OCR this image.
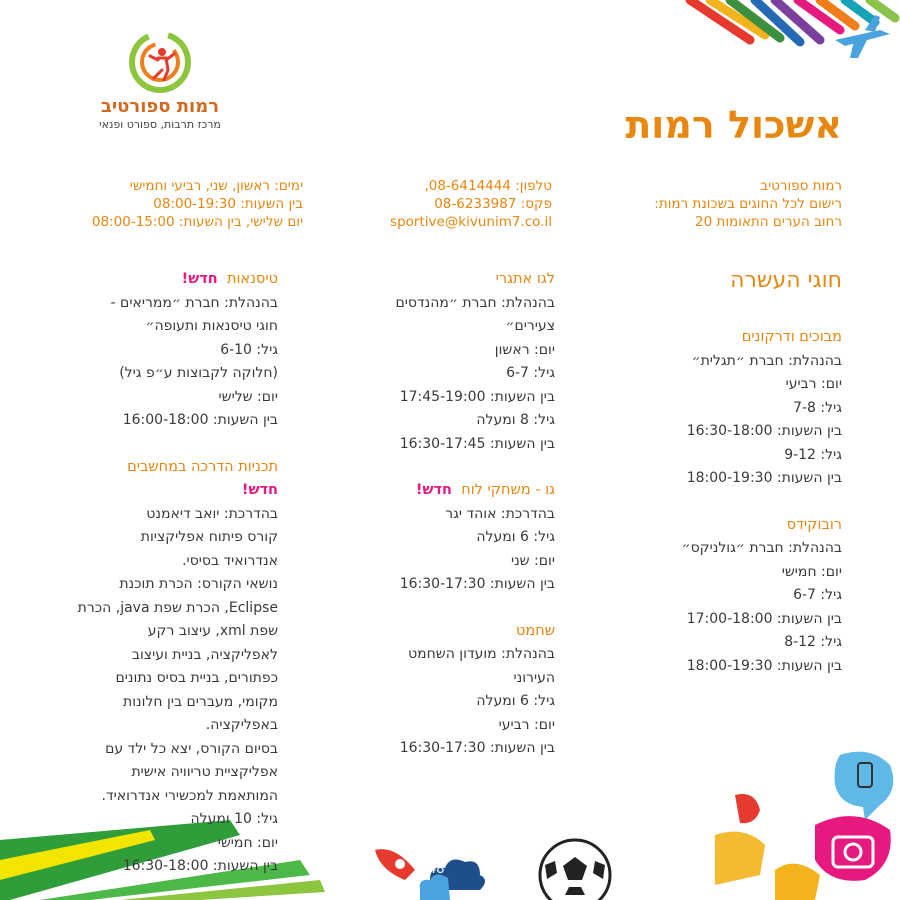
רמות ספורטיב
מרכז תרבות, ספורט ופנאי	אשכול רמות
רמות ספורטיב
רישום לכל החוגים בשכונת רמות:
רחוב הערים התאומות 20
טלפון: 08-6414444,
פקס: 08-6233987
sportive@kivunim7.co.il
ימים: ראשון, שני, רביעי וחמישי
בין השעות: 08:00-19:30
יום שלישי, בין השעות: 08:00-15:00
חוגי העשרה
מבוכים ודרקונים
בהנהלת: חברת ״תגלית״
יום: רביעי
גיל: 7-8
בין השעות: 16:30-18:00
גיל: 9-12
בין השעות: 18:00-19:30
רובוקידס
בהנהלת: חברת ״גולניקס״
יום: חמישי
גיל: 6-7
בין השעות: 17:00-18:00
גיל: 8-12
בין השעות: 18:00-19:30
לגו אתגרי
בהנהלת: חברת ״מהנדסים
צעירים״
יום: ראשון
גיל: 6-7
בין השעות: 17:45-19:00
גיל: 8 ומעלה
בין השעות: 16:30-17:45
גו - משחקי לוח  חדש!
בהדרכת: אוהד יגר
גיל: 6 ומעלה
יום: שני
בין השעות: 16:30-17:30
שחמט
בהנהלת: מועדון השחמט
העירוני
גיל: 6 ומעלה
יום: רביעי
בין השעות: 16:30-17:30
טיסנאות  חדש!
בהנהלת: חברת ״ממריאים -
חוגי טיסנאות ותעופה״
גיל: 6-10
(חלוקה לקבוצות ע״פ גיל)
יום: שלישי
בין השעות: 16:00-18:00
תכניות הדרכה במחשבים
חדש!
בהדרכת: יואב דיאמנט
קורס פיתוח אפליקציות
אנדרואיד בסיסי.
נושאי הקורס: הכרת תוכנת
Eclipse, הכרת שפת java, הכרת
שפת xml, עיצוב רקע
לאפליקציה, בניית ועיצוב
כפתורים, בניית בסיס נתונים
מקומי, מעברים בין חלונות
באפליקציה.
בסיום הקורס, יצא כל ילד עם
אפליקציית טריוויה אישית
המותאמת למכשירי אנדרואיד.
גיל: 10 ומעלה
יום: חמישי
בין השעות: 16:30-18:00	48
